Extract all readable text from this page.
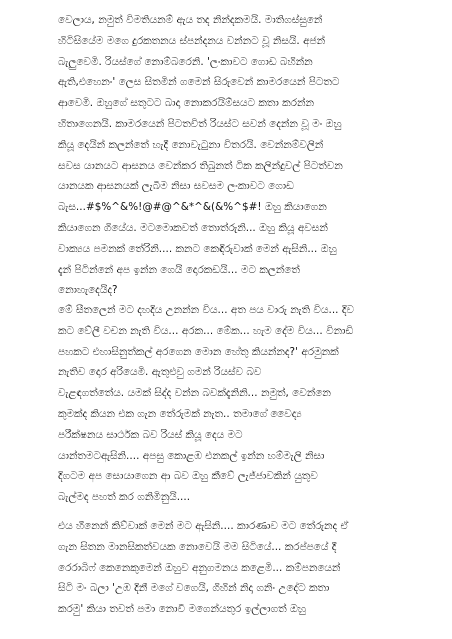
වෙලාය, නමුත් විමතියනම් ඇය තද නින්දකමයි. මාතිගස්සුනේ
හිටිසියේම මගෙ දුරකතනය ස්පන්දනය වන්නට වූ නිසයි. අජන්
බැලුවෙමි. රියස්ගේ නොම්බරෙනි. 'ලංකාවට ගොඩ බහින්න
ඇති,එහෙනං' ලෙස සිතමින් ගමෙන් සිරුවෙන් කාමරයෙන් පිටතට
ආවෙමි. ඔහුගේ සතුටට බාදා නොකරයිම්සයට කතා කරන්න
හිතාගෙනයි. කාමරයෙන් පිටතවිත් රියස්ට සවන් දෙන්න වූ මං ඔහු
කියූ දෙයින් කලන්තේ හැදී නොවැටුනා විතරයි. වෙන්නම්වලින්
සවස යානයට ආසනය වෙන්කර තිබුනත් ටික කලින්දුවල් පිටත්වන
යානයක ආසනයක් ලැබීම නිසා සවසම ලංකාවට ගොඩ
බැස...#$%^&%!@#@^&*^&(&%^$#! ඔහු කියාගෙන
කියාගෙන ගියේය. මටමොකවත් තොත්රුනි... ඔහු කියූ අවසන්
වාක්‍යය පමනක් තේරිනි.... කනට කෙඳිරුවාක් මෙන් ඇසිනි... ඔහු
දැන් පිටින්නේ අප ඉන්න ගෙයි දොරකඩයි... මට කලන්තේ
නොහැදෙයිද?
මේ සීතලෙන් මට දහදිය උනන්න විය... අත පය වාරු නැති විය... දිව
කට වේලී වචන නැති විය... අරක... මේක... හැම දේම විය... විනාඩි
පහකට එහාසිනුත්කල් අරගෙන මොන හේතු කියන්නද?' අරමුනක්
නැතිව දොර අරියෙමි. ඇතුළුවු ගමන් රියස්ව බව
වැළඳගත්තේය. යමක් සිද්ද වන්න බවක්දැනිනි... නමුත්, වෙන්නෙ
කුමක්ද කියන එක ගැන තේරුමක් නැත.. තමාගේ වෛද්‍ය
පරීක්ෂනය සාර්ථක බව රියස් කියූ දෙය මට
යාන්තමටඇසිනි.... අපසු කොළඹ එනකල් ඉන්න හම්මැලි නිසා
දිගටම අප සොයාගෙන ආ බව ඔහු කීවේ ලැජ්ජාවකින් යුතුව
බැල්මද පහත් කර ගනිමිනුයි....
එය හීනෙන් කිව්වාක් මෙන් මට ඇසිනි.... කාරණාව මට තේරුනද ඒ
ගැන සිතන මානසිකත්වයක නොවෙයි මම සිටියේ... කරප්පයේ දී
රෙරාබිෆ් කෙනෙකුමෙන් ඔහුව අනුගමනය කළෙමි... කම්පනයෙන්
සිටි මං බලා 'උඹ දිනී මගේ වගෙයි, ගිහින් නිදා ගනිං උදේට කතා
කරමු' කියා තවත් පමා නොවී මගෙන්යතුර ඉල්ලාගත් ඔහු
